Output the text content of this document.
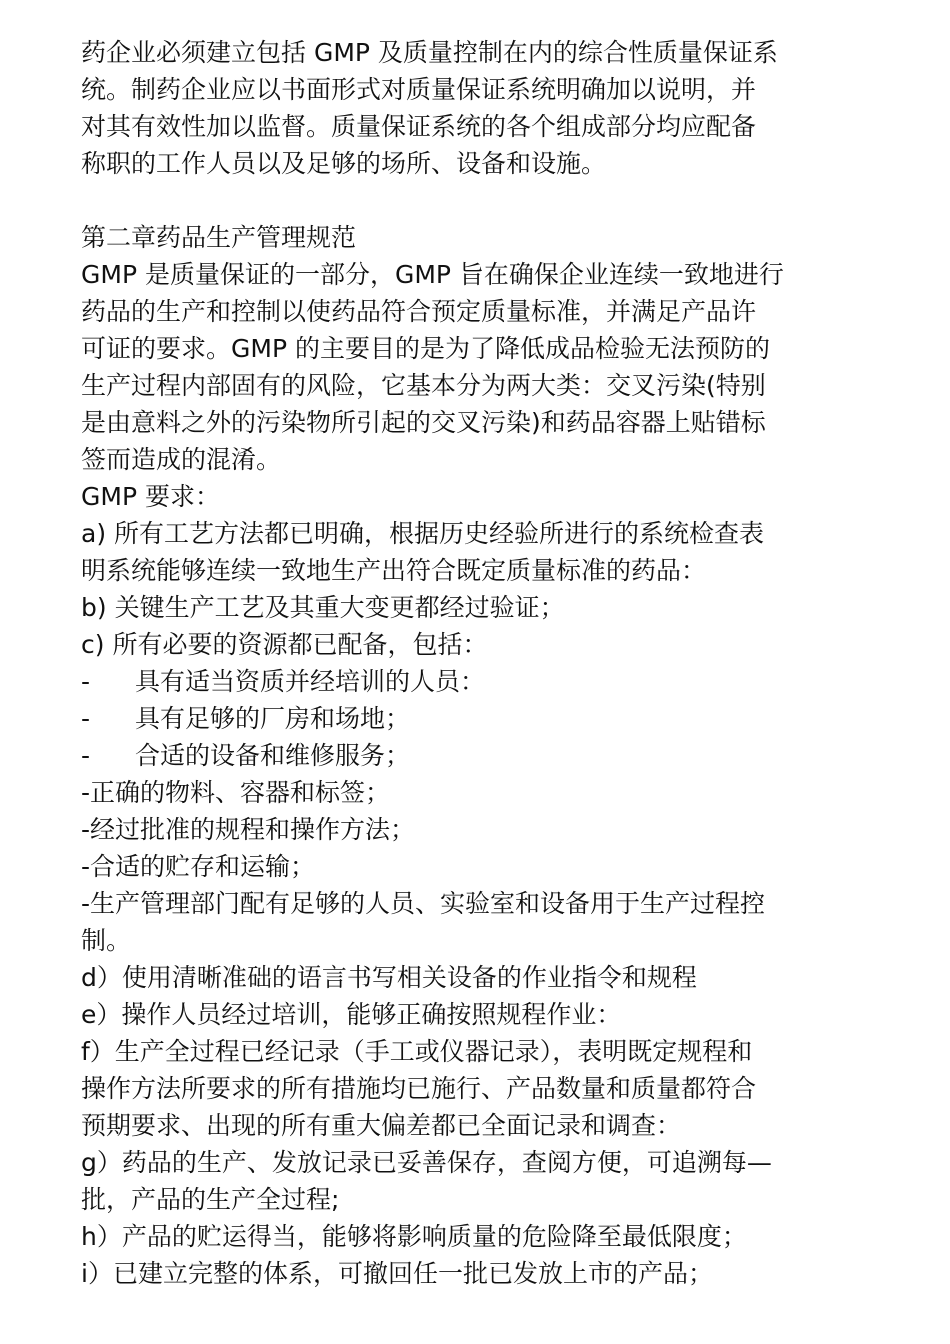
药企业必须建立包括 GMP 及质量控制在内的综合性质量保证系
统。制药企业应以书面形式对质量保证系统明确加以说明，并
对其有效性加以监督。质量保证系统的各个组成部分均应配备
称职的工作人员以及足够的场所、设备和设施。
第二章药品生产管理规范
GMP 是质量保证的一部分，GMP 旨在确保企业连续一致地进行
药品的生产和控制以使药品符合预定质量标准，并满足产品许
可证的要求。GMP 的主要目的是为了降低成品检验无法预防的
生产过程内部固有的风险，它基本分为两大类：交叉污染(特别
是由意料之外的污染物所引起的交叉污染)和药品容器上贴错标
签而造成的混淆。
GMP 要求：
a) 所有工艺方法都已明确，根据历史经验所进行的系统检查表
明系统能够连续一致地生产出符合既定质量标准的药品：
b) 关键生产工艺及其重大变更都经过验证；
c) 所有必要的资源都已配备，包括：
- 具有适当资质并经培训的人员：
- 具有足够的厂房和场地；
- 合适的设备和维修服务；
-正确的物料、容器和标签；
-经过批准的规程和操作方法；
-合适的贮存和运输；
-生产管理部门配有足够的人员、实验室和设备用于生产过程控
制。
d）使用清晰准础的语言书写相关设备的作业指令和规程
e）操作人员经过培训，能够正确按照规程作业：
f）生产全过程已经记录（手工或仪器记录），表明既定规程和
操作方法所要求的所有措施均已施行、产品数量和质量都符合
预期要求、出现的所有重大偏差都已全面记录和调查：
g）药品的生产、发放记录已妥善保存，查阅方便，可追溯每—
批，产品的生产全过程;
h）产品的贮运得当，能够将影响质量的危险降至最低限度；
i）已建立完整的体系，可撤回任一批已发放上市的产品；
